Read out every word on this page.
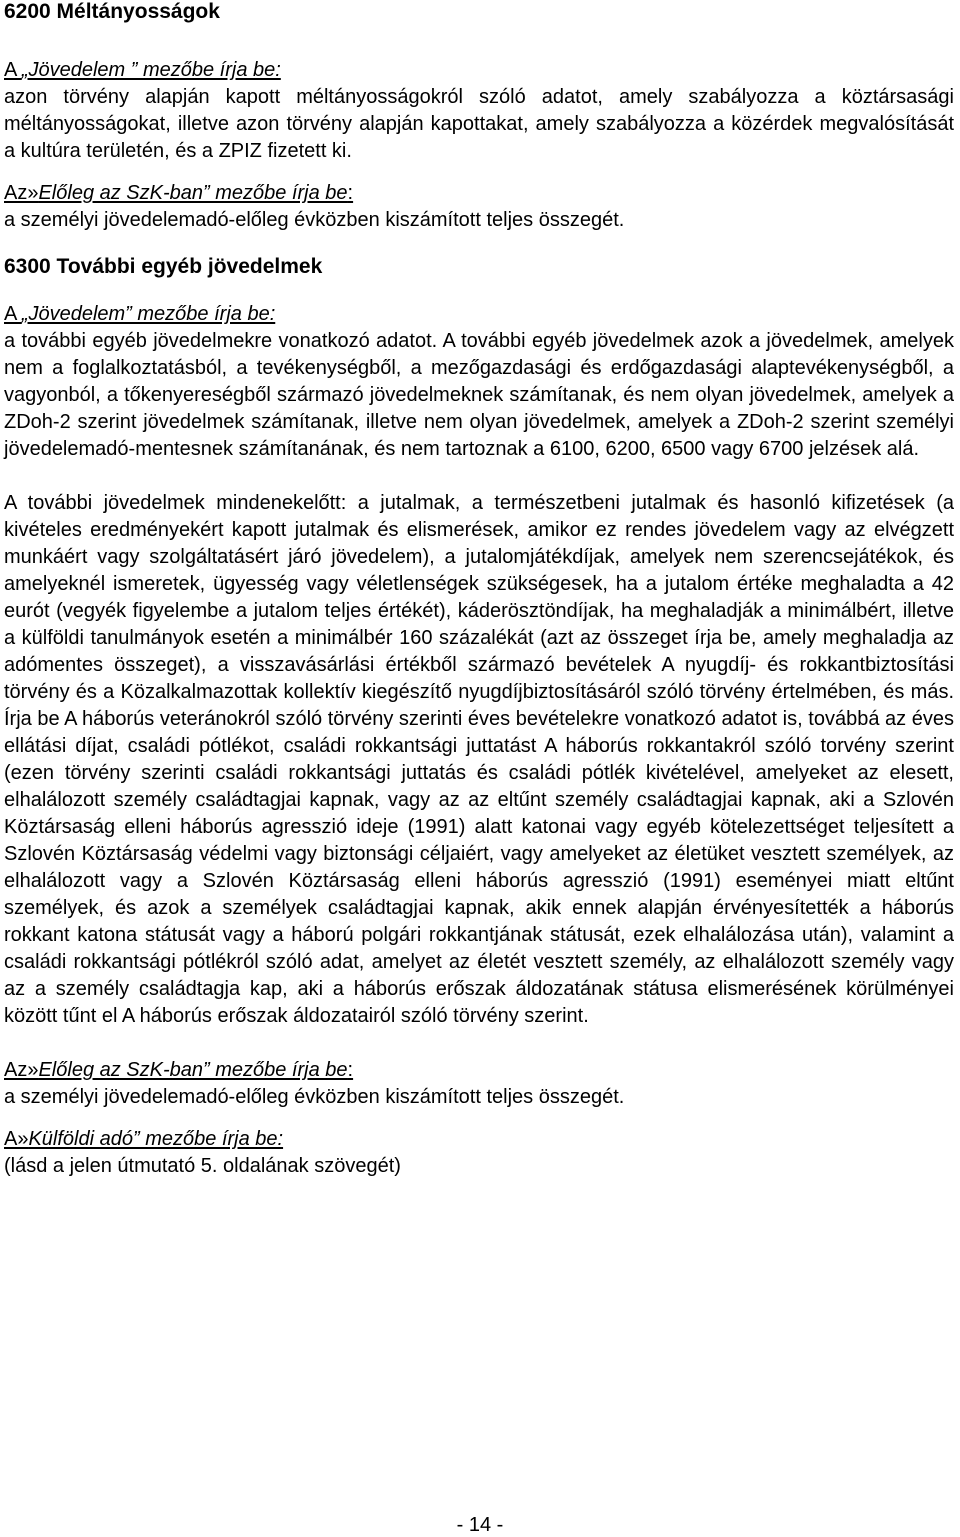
6200 Méltányosságok
A „Jövedelem ” mezőbe írja be:

azon törvény alapján kapott méltányosságokról szóló adatot, amely szabályozza a köztársasági méltányosságokat, illetve azon törvény alapján kapottakat, amely szabályozza a közérdek megvalósítását a kultúra területén, és a ZPIZ fizetett ki.

Az»Előleg az SzK-ban” mezőbe írja be:

a személyi jövedelemadó-előleg évközben kiszámított teljes összegét.

6300 További egyéb jövedelmek
A „Jövedelem” mezőbe írja be:

a további egyéb jövedelmekre vonatkozó adatot. A további egyéb jövedelmek azok a jövedelmek, amelyek nem a foglalkoztatásból, a tevékenységből, a mezőgazdasági és erdőgazdasági alaptevékenységből, a vagyonból, a tőkenyereségből származó jövedelmeknek számítanak, és nem olyan jövedelmek, amelyek a ZDoh-2 szerint jövedelmek számítanak, illetve nem olyan jövedelmek, amelyek a ZDoh-2 szerint személyi jövedelemadó-mentesnek számítanának, és nem tartoznak a 6100, 6200, 6500 vagy 6700 jelzések alá.

A további jövedelmek mindenekelőtt: a jutalmak, a természetbeni jutalmak és hasonló kifizetések (a kivételes eredményekért kapott jutalmak és elismerések, amikor ez rendes jövedelem vagy az elvégzett munkáért vagy szolgáltatásért járó jövedelem), a jutalomjátékdíjak, amelyek nem szerencsejátékok, és amelyeknél ismeretek, ügyesség vagy véletlenségek szükségesek, ha a jutalom értéke meghaladta a 42 eurót (vegyék figyelembe a jutalom teljes értékét), káderösztöndíjak, ha meghaladják a minimálbért, illetve a külföldi tanulmányok esetén a minimálbér 160 százalékát (azt az összeget írja be, amely meghaladja az adómentes összeget), a visszavásárlási értékből származó bevételek A nyugdíj- és rokkantbiztosítási törvény és a Közalkalmazottak kollektív kiegészítő nyugdíjbiztosításáról szóló törvény értelmében, és más. Írja be A háborús veteránokról szóló törvény szerinti éves bevételekre vonatkozó adatot is, továbbá az éves ellátási díjat, családi pótlékot, családi rokkantsági juttatást A háborús rokkantakról szóló torvény szerint (ezen törvény szerinti családi rokkantsági juttatás és családi pótlék kivételével, amelyeket az elesett, elhalálozott személy családtagjai kapnak, vagy az az eltűnt személy családtagjai kapnak, aki a Szlovén Köztársaság elleni háborús agresszió ideje (1991) alatt katonai vagy egyéb kötelezettséget teljesített a Szlovén Köztársaság védelmi vagy biztonsági céljaiért, vagy amelyeket az életüket vesztett személyek, az elhalálozott vagy a Szlovén Köztársaság elleni háborús agresszió (1991) eseményei miatt eltűnt személyek, és azok a személyek családtagjai kapnak, akik ennek alapján érvényesítették a háborús rokkant katona státusát vagy a háború polgári rokkantjának státusát, ezek elhalálozása után), valamint a családi rokkantsági pótlékról szóló adat, amelyet az életét vesztett személy, az elhalálozott személy vagy az a személy családtagja kap, aki a háborús erőszak áldozatának státusa elismerésének körülményei között tűnt el A háborús erőszak áldozatairól szóló törvény szerint.

Az»Előleg az SzK-ban” mezőbe írja be:

a személyi jövedelemadó-előleg évközben kiszámított teljes összegét.

A»Külföldi adó” mezőbe írja be:

(lásd a jelen útmutató 5. oldalának szövegét)

- 14 -
